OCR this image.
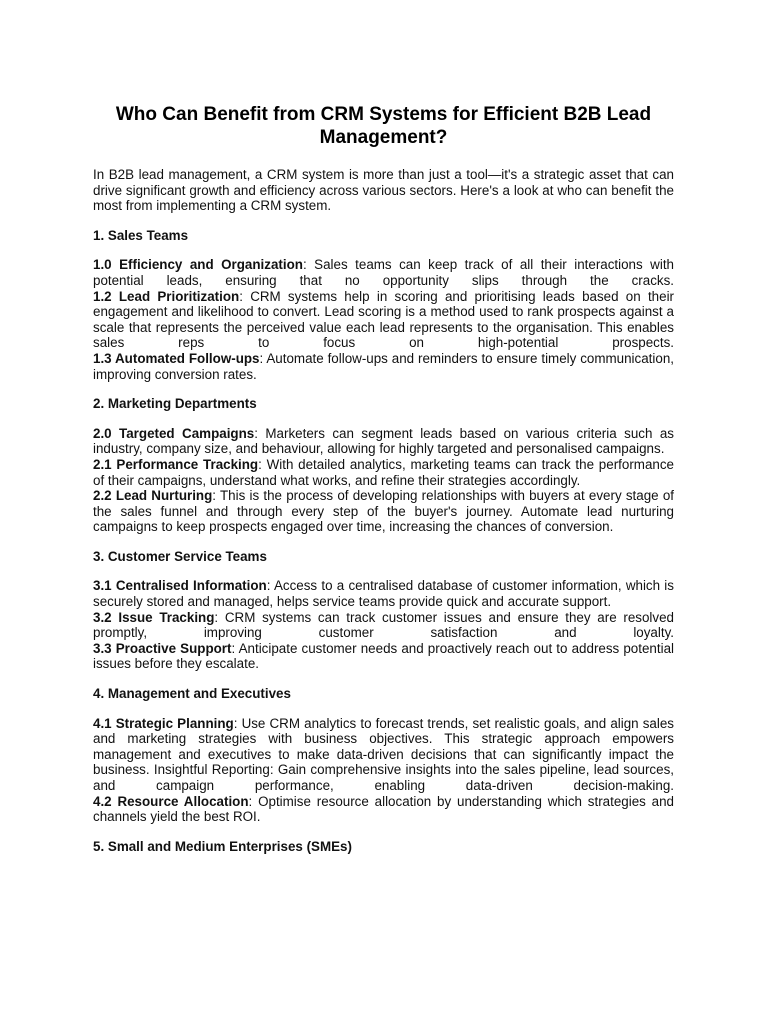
Who Can Benefit from CRM Systems for Efficient B2B Lead Management?

In B2B lead management, a CRM system is more than just a tool—it's a strategic asset that can drive significant growth and efficiency across various sectors. Here's a look at who can benefit the most from implementing a CRM system.

1. Sales Teams

1.0 Efficiency and Organization: Sales teams can keep track of all their interactions with potential leads, ensuring that no opportunity slips through the cracks.
1.2 Lead Prioritization: CRM systems help in scoring and prioritising leads based on their engagement and likelihood to convert. Lead scoring is a method used to rank prospects against a scale that represents the perceived value each lead represents to the organisation. This enables sales reps to focus on high-potential prospects.
1.3 Automated Follow-ups: Automate follow-ups and reminders to ensure timely communication, improving conversion rates.

2. Marketing Departments

2.0 Targeted Campaigns: Marketers can segment leads based on various criteria such as industry, company size, and behaviour, allowing for highly targeted and personalised campaigns.
2.1 Performance Tracking: With detailed analytics, marketing teams can track the performance of their campaigns, understand what works, and refine their strategies accordingly.
2.2 Lead Nurturing: This is the process of developing relationships with buyers at every stage of the sales funnel and through every step of the buyer's journey. Automate lead nurturing campaigns to keep prospects engaged over time, increasing the chances of conversion.

3. Customer Service Teams

3.1 Centralised Information: Access to a centralised database of customer information, which is securely stored and managed, helps service teams provide quick and accurate support.
3.2 Issue Tracking: CRM systems can track customer issues and ensure they are resolved promptly, improving customer satisfaction and loyalty.
3.3 Proactive Support: Anticipate customer needs and proactively reach out to address potential issues before they escalate.

4. Management and Executives

4.1 Strategic Planning: Use CRM analytics to forecast trends, set realistic goals, and align sales and marketing strategies with business objectives. This strategic approach empowers management and executives to make data-driven decisions that can significantly impact the business. Insightful Reporting: Gain comprehensive insights into the sales pipeline, lead sources, and campaign performance, enabling data-driven decision-making.
4.2 Resource Allocation: Optimise resource allocation by understanding which strategies and channels yield the best ROI.

5. Small and Medium Enterprises (SMEs)
